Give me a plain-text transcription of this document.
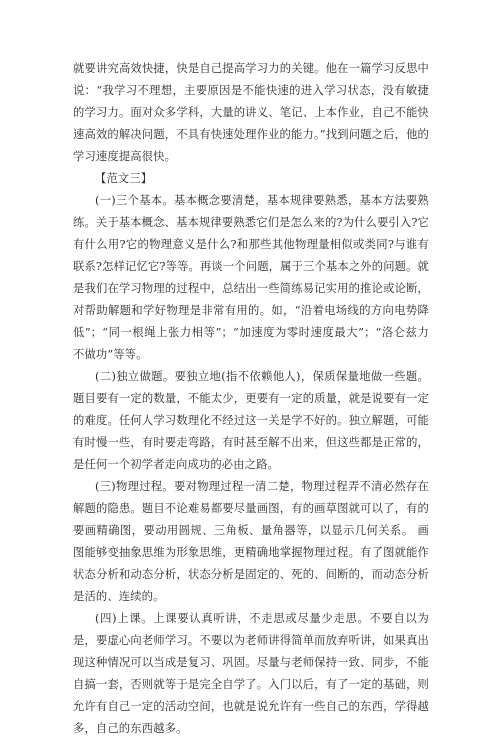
就要讲究高效快捷，快是自己提高学习力的关键。他在一篇学习反思中说：“我学习不理想，主要原因是不能快速的进入学习状态，没有敏捷的学习力。面对众多学科，大量的讲义、笔记、上本作业，自己不能快速高效的解决问题，不具有快速处理作业的能力。”找到问题之后，他的学习速度提高很快。

【范文三】

(一)三个基本。基本概念要清楚，基本规律要熟悉，基本方法要熟练。关于基本概念、基本规律要熟悉它们是怎么来的?为什么要引入?它有什么用?它的物理意义是什么?和那些其他物理量相似或类同?与谁有联系?怎样记忆它?等等。再谈一个问题，属于三个基本之外的问题。就是我们在学习物理的过程中，总结出一些简练易记实用的推论或论断，对帮助解题和学好物理是非常有用的。如，“沿着电场线的方向电势降低”；“同一根绳上张力相等”；“加速度为零时速度最大”；“洛仑兹力不做功”等等。

(二)独立做题。要独立地(指不依赖他人)，保质保量地做一些题。题目要有一定的数量，不能太少，更要有一定的质量，就是说要有一定的难度。任何人学习数理化不经过这一关是学不好的。独立解题，可能有时慢一些，有时要走弯路，有时甚至解不出来，但这些都是正常的，是任何一个初学者走向成功的必由之路。

(三)物理过程。要对物理过程一清二楚，物理过程弄不清必然存在解题的隐患。题目不论难易都要尽量画图，有的画草图就可以了，有的要画精确图，要动用圆规、三角板、量角器等，以显示几何关系。 画图能够变抽象思维为形象思维，更精确地掌握物理过程。有了图就能作状态分析和动态分析，状态分析是固定的、死的、间断的，而动态分析是活的、连续的。

(四)上课。上课要认真听讲，不走思或尽量少走思。不要自以为是，要虚心向老师学习。不要以为老师讲得简单而放弃听讲，如果真出现这种情况可以当成是复习、巩固。尽量与老师保持一致、同步，不能自搞一套，否则就等于是完全自学了。入门以后，有了一定的基础，则允许有自己一定的活动空间，也就是说允许有一些自己的东西，学得越多，自己的东西越多。
